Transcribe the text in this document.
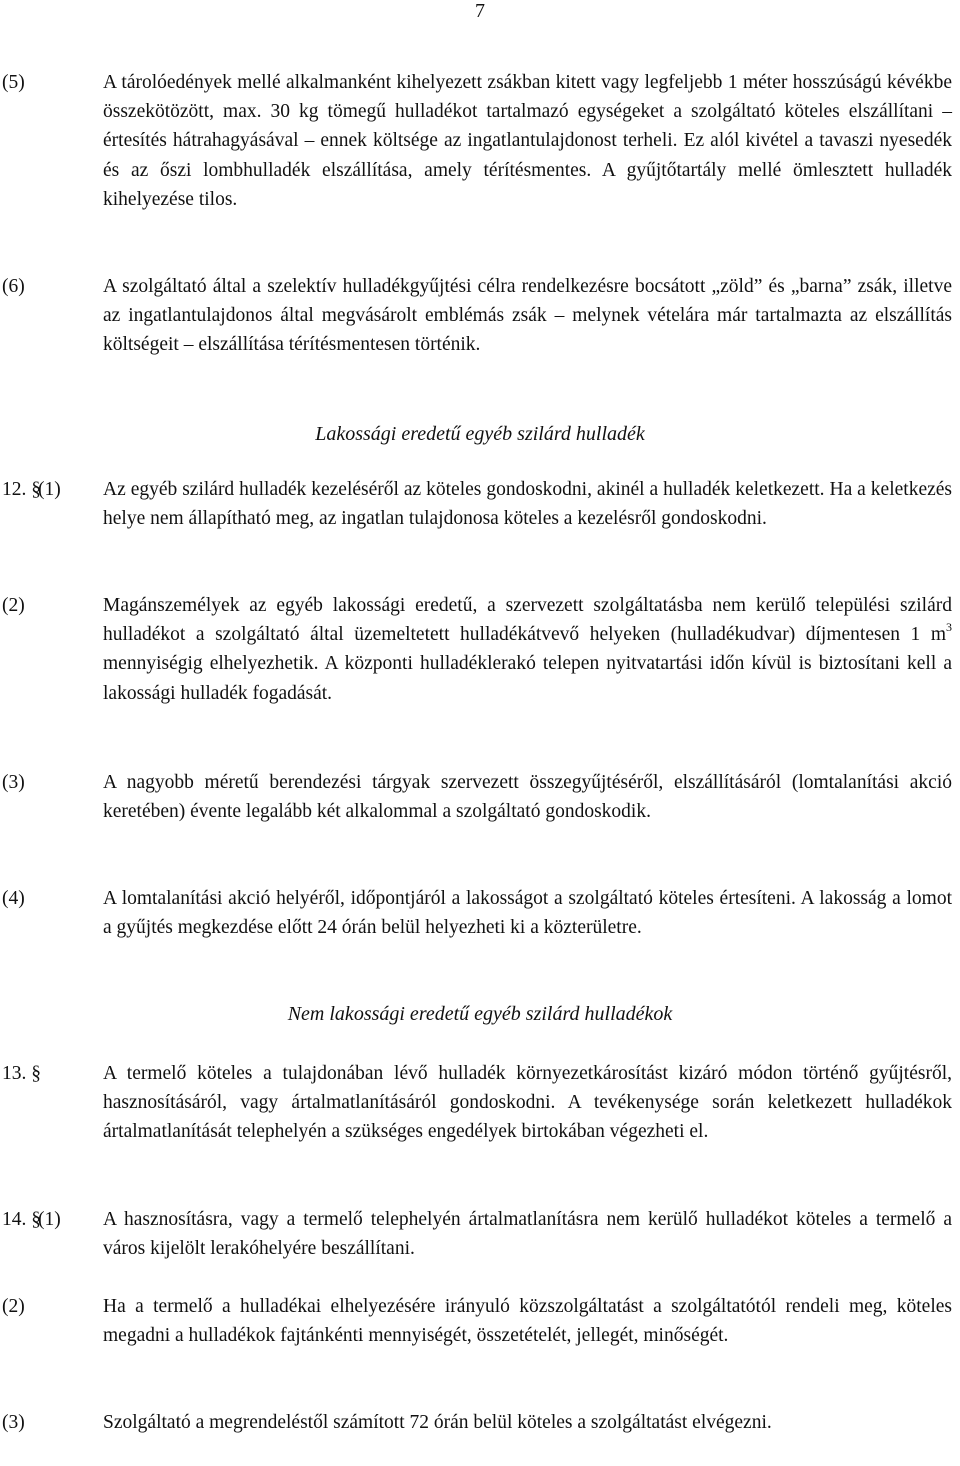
7
(5)	A tárolóedények mellé alkalmanként kihelyezett zsákban kitett vagy legfeljebb 1 méter hosszúságú kévékbe összekötözött, max. 30 kg tömegű hulladékot tartalmazó egységeket a szolgáltató köteles elszállítani – értesítés hátrahagyásával – ennek költsége az ingatlantulajdonost terheli. Ez alól kivétel a tavaszi nyesedék és az őszi lombhulladék elszállítása, amely térítésmentes. A gyűjtőtartály mellé ömlesztett hulladék kihelyezése tilos.
(6)	A szolgáltató által a szelektív hulladékgyűjtési célra rendelkezésre bocsátott „zöld” és „barna” zsák, illetve az ingatlantulajdonos által megvásárolt emblémás zsák – melynek vételára már tartalmazta az elszállítás költségeit – elszállítása térítésmentesen történik.
Lakossági eredetű egyéb szilárd hulladék
12. §(1) Az egyéb szilárd hulladék kezeléséről az köteles gondoskodni, akinél a hulladék keletkezett. Ha a keletkezés helye nem állapítható meg, az ingatlan tulajdonosa köteles a kezelésről gondoskodni.
(2)	Magánszemélyek az egyéb lakossági eredetű, a szervezett szolgáltatásba nem kerülő települési szilárd hulladékot a szolgáltató által üzemeltetett hulladékátvevő helyeken (hulladékudvar) díjmentesen 1 $m^3$ mennyiségig elhelyezhetik. A központi hulladéklerakó telepen nyitvatartási időn kívül is biztosítani kell a lakossági hulladék fogadását.
(3)	A nagyobb méretű berendezési tárgyak szervezett összegyűjtéséről, elszállításáról (lomtalanítási akció keretében) évente legalább két alkalommal a szolgáltató gondoskodik.
(4)	A lomtalanítási akció helyéről, időpontjáról a lakosságot a szolgáltató köteles értesíteni. A lakosság a lomot a gyűjtés megkezdése előtt 24 órán belül helyezheti ki a közterületre.
Nem lakossági eredetű egyéb szilárd hulladékok
13. §	A termelő köteles a tulajdonában lévő hulladék környezetkárosítást kizáró módon történő gyűjtésről, hasznosításáról, vagy ártalmatlanításáról gondoskodni. A tevékenysége során keletkezett hulladékok ártalmatlanítását telephelyén a szükséges engedélyek birtokában végezheti el.
14. §(1) A hasznosításra, vagy a termelő telephelyén ártalmatlanításra nem kerülő hulladékot köteles a termelő a város kijelölt lerakóhelyére beszállítani.
(2)	Ha a termelő a hulladékai elhelyezésére irányuló közszolgáltatást a szolgáltatótól rendeli meg, köteles megadni a hulladékok fajtánkénti mennyiségét, összetételét, jellegét, minőségét.
(3)	Szolgáltató a megrendeléstől számított 72 órán belül köteles a szolgáltatást elvégezni.
